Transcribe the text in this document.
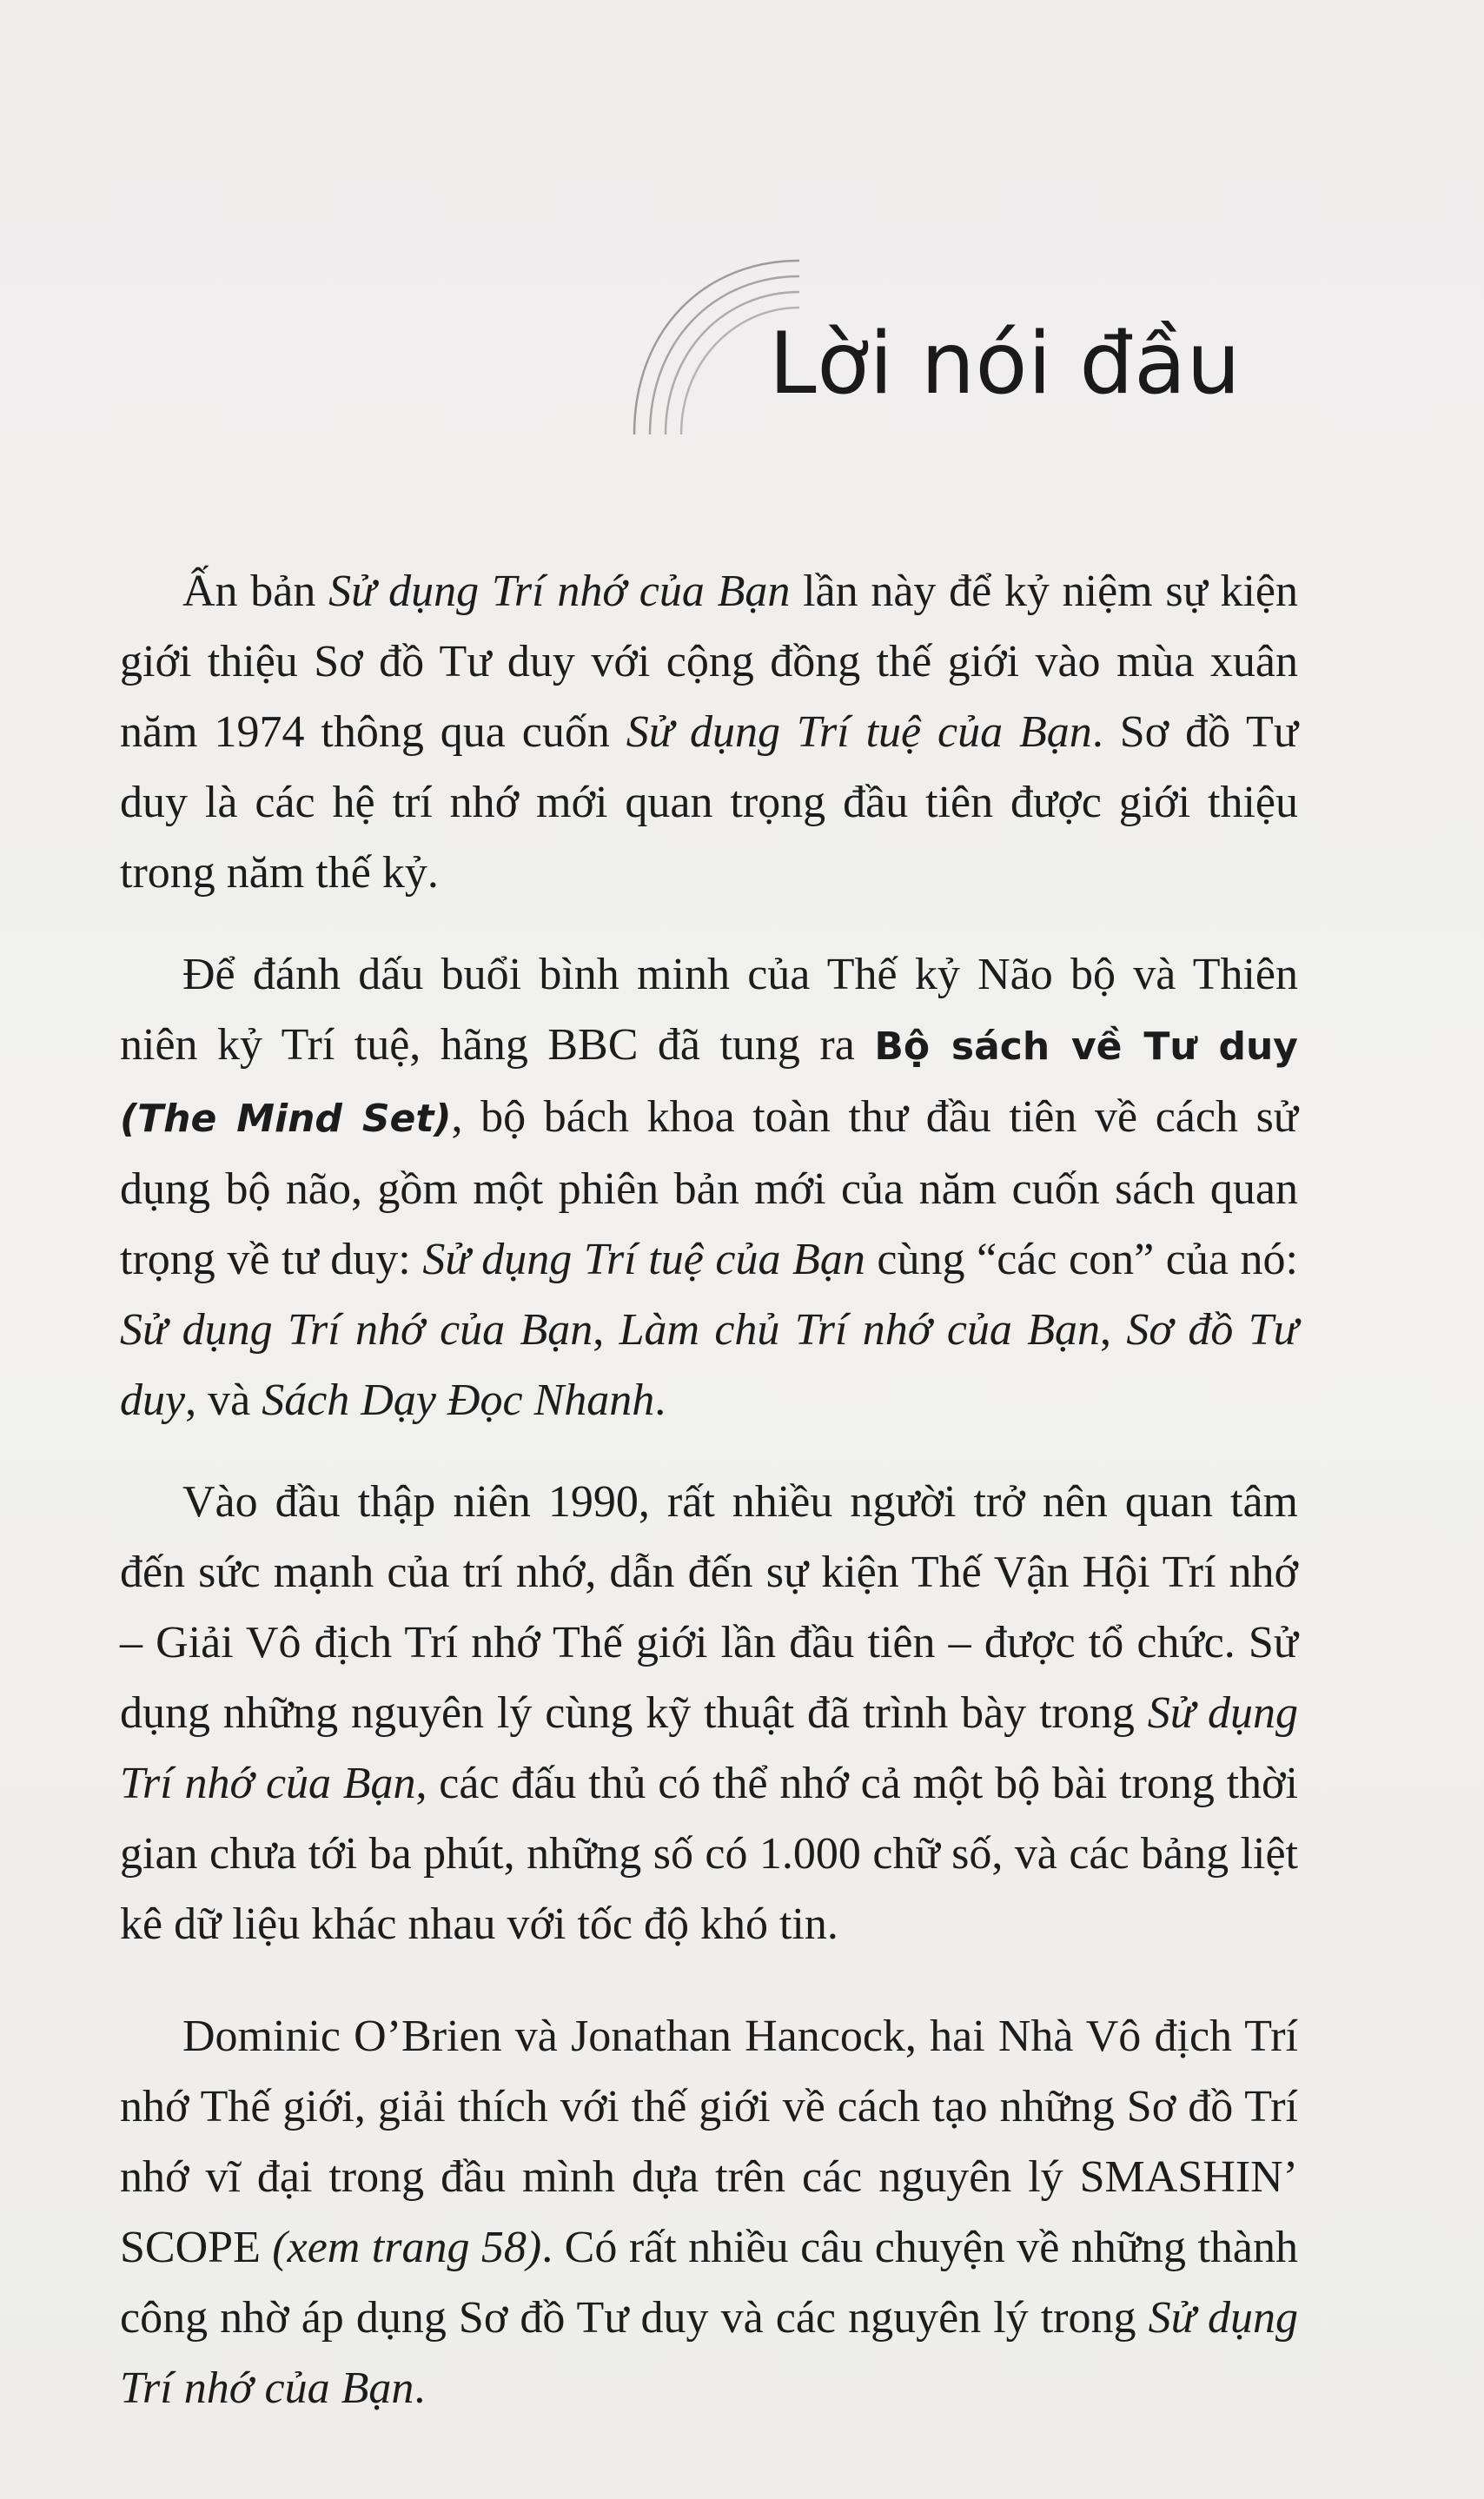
Lời nói đầu

Ấn bản Sử dụng Trí nhớ của Bạn lần này để kỷ niệm sự kiện giới thiệu Sơ đồ Tư duy với cộng đồng thế giới vào mùa xuân năm 1974 thông qua cuốn Sử dụng Trí tuệ của Bạn. Sơ đồ Tư duy là các hệ trí nhớ mới quan trọng đầu tiên được giới thiệu trong năm thế kỷ.

Để đánh dấu buổi bình minh của Thế kỷ Não bộ và Thiên niên kỷ Trí tuệ, hãng BBC đã tung ra Bộ sách về Tư duy (The Mind Set), bộ bách khoa toàn thư đầu tiên về cách sử dụng bộ não, gồm một phiên bản mới của năm cuốn sách quan trọng về tư duy: Sử dụng Trí tuệ của Bạn cùng “các con” của nó: Sử dụng Trí nhớ của Bạn, Làm chủ Trí nhớ của Bạn, Sơ đồ Tư duy, và Sách Dạy Đọc Nhanh.

Vào đầu thập niên 1990, rất nhiều người trở nên quan tâm đến sức mạnh của trí nhớ, dẫn đến sự kiện Thế Vận Hội Trí nhớ – Giải Vô địch Trí nhớ Thế giới lần đầu tiên – được tổ chức. Sử dụng những nguyên lý cùng kỹ thuật đã trình bày trong Sử dụng Trí nhớ của Bạn, các đấu thủ có thể nhớ cả một bộ bài trong thời gian chưa tới ba phút, những số có 1.000 chữ số, và các bảng liệt kê dữ liệu khác nhau với tốc độ khó tin.

Dominic O’Brien và Jonathan Hancock, hai Nhà Vô địch Trí nhớ Thế giới, giải thích với thế giới về cách tạo những Sơ đồ Trí nhớ vĩ đại trong đầu mình dựa trên các nguyên lý SMASHIN’ SCOPE (xem trang 58). Có rất nhiều câu chuyện về những thành công nhờ áp dụng Sơ đồ Tư duy và các nguyên lý trong Sử dụng Trí nhớ của Bạn.
